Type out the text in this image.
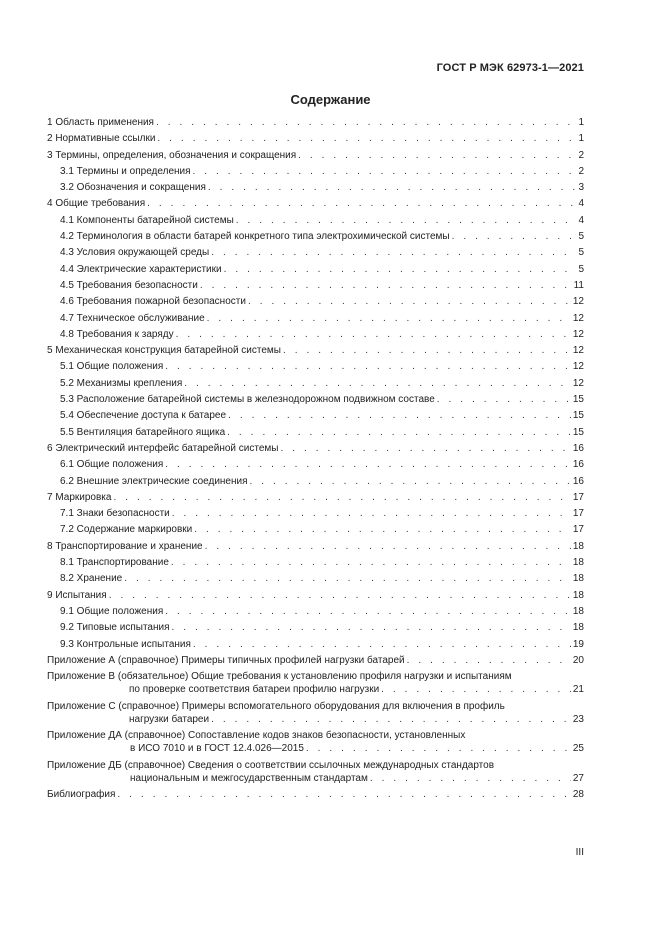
ГОСТ Р МЭК 62973-1—2021
Содержание
1 Область применения . . .	1
2 Нормативные ссылки . . .	1
3 Термины, определения, обозначения и сокращения . . .	2
3.1 Термины и определения . . .	2
3.2 Обозначения и сокращения . . .	3
4 Общие требования . . .	4
4.1 Компоненты батарейной системы . . .	4
4.2 Терминология в области батарей конкретного типа электрохимической системы . . .	5
4.3 Условия окружающей среды . . .	5
4.4 Электрические характеристики . . .	5
4.5 Требования безопасности . . .	11
4.6 Требования пожарной безопасности . . .	12
4.7 Техническое обслуживание . . .	12
4.8 Требования к заряду . . .	12
5 Механическая конструкция батарейной системы . . .	12
5.1 Общие положения . . .	12
5.2 Механизмы крепления . . .	12
5.3 Расположение батарейной системы в железнодорожном подвижном составе . . .	15
5.4 Обеспечение доступа к батарее . . .	15
5.5 Вентиляция батарейного ящика . . .	15
6 Электрический интерфейс батарейной системы . . .	16
6.1 Общие положения . . .	16
6.2 Внешние электрические соединения . . .	16
7 Маркировка . . .	17
7.1 Знаки безопасности . . .	17
7.2 Содержание маркировки . . .	17
8 Транспортирование и хранение . . .	18
8.1 Транспортирование . . .	18
8.2 Хранение . . .	18
9 Испытания . . .	18
9.1 Общие положения . . .	18
9.2 Типовые испытания . . .	18
9.3 Контрольные испытания . . .	19
Приложение А (справочное) Примеры типичных профилей нагрузки батарей . . .	20
Приложение В (обязательное) Общие требования к установлению профиля нагрузки и испытаниям
по проверке соответствия батареи профилю нагрузки . . .	21
Приложение С (справочное) Примеры вспомогательного оборудования для включения в профиль
нагрузки батареи . . .	23
Приложение ДА (справочное) Сопоставление кодов знаков безопасности, установленных
в ИСО 7010 и в ГОСТ 12.4.026—2015 . . .	25
Приложение ДБ (справочное) Сведения о соответствии ссылочных международных стандартов
национальным и межгосударственным стандартам . . .	27
Библиография . . .	28
III
